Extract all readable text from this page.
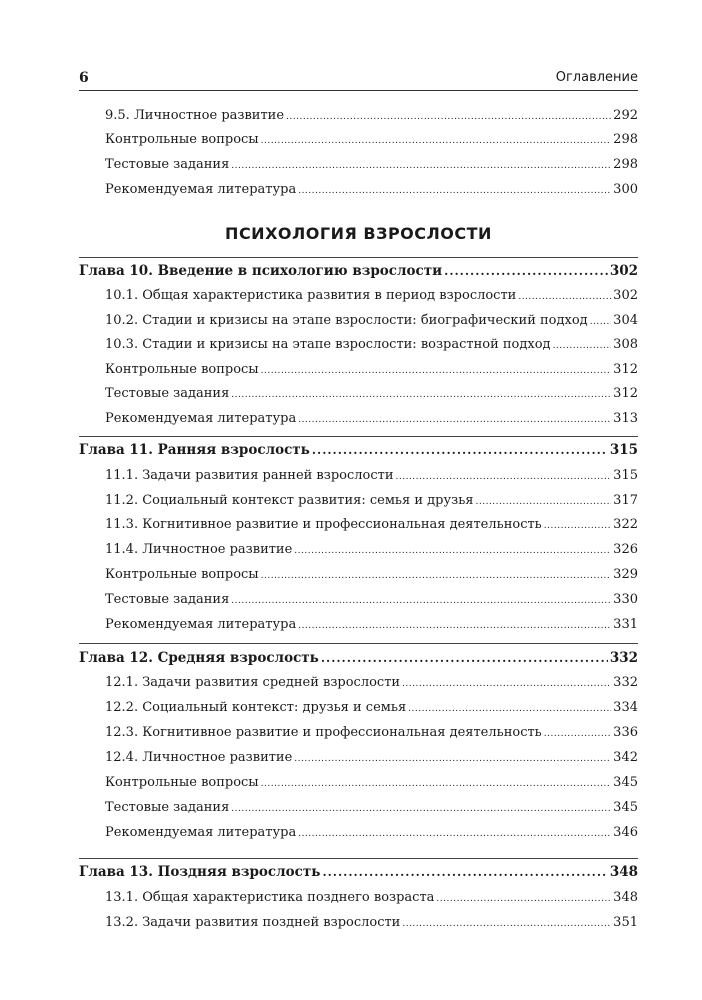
6	Оглавление
9.5. Личностное развитие .....	292
Контрольные вопросы .....	298
Тестовые задания .....	298
Рекомендуемая литература .....	300
ПСИХОЛОГИЯ ВЗРОСЛОСТИ
Глава 10. Введение в психологию взрослости .....	302
10.1. Общая характеристика развития в период взрослости .....	302
10.2. Стадии и кризисы на этапе взрослости: биографический подход ..... 304
10.3. Стадии и кризисы на этапе взрослости: возрастной подход .....	308
Контрольные вопросы .....	312
Тестовые задания .....	312
Рекомендуемая литература .....	313
Глава 11. Ранняя взрослость .....	315
11.1. Задачи развития ранней взрослости .....	315
11.2. Социальный контекст развития: семья и друзья .....	317
11.3. Когнитивное развитие и профессиональная деятельность .....	322
11.4. Личностное развитие .....	326
Контрольные вопросы .....	329
Тестовые задания .....	330
Рекомендуемая литература .....	331
Глава 12. Средняя взрослость .....	332
12.1. Задачи развития средней взрослости .....	332
12.2. Социальный контекст: друзья и семья .....	334
12.3. Когнитивное развитие и профессиональная деятельность .....	336
12.4. Личностное развитие .....	342
Контрольные вопросы .....	345
Тестовые задания .....	345
Рекомендуемая литература .....	346
Глава 13. Поздняя взрослость .....	348
13.1. Общая характеристика позднего возраста .....	348
13.2. Задачи развития поздней взрослости .....	351
